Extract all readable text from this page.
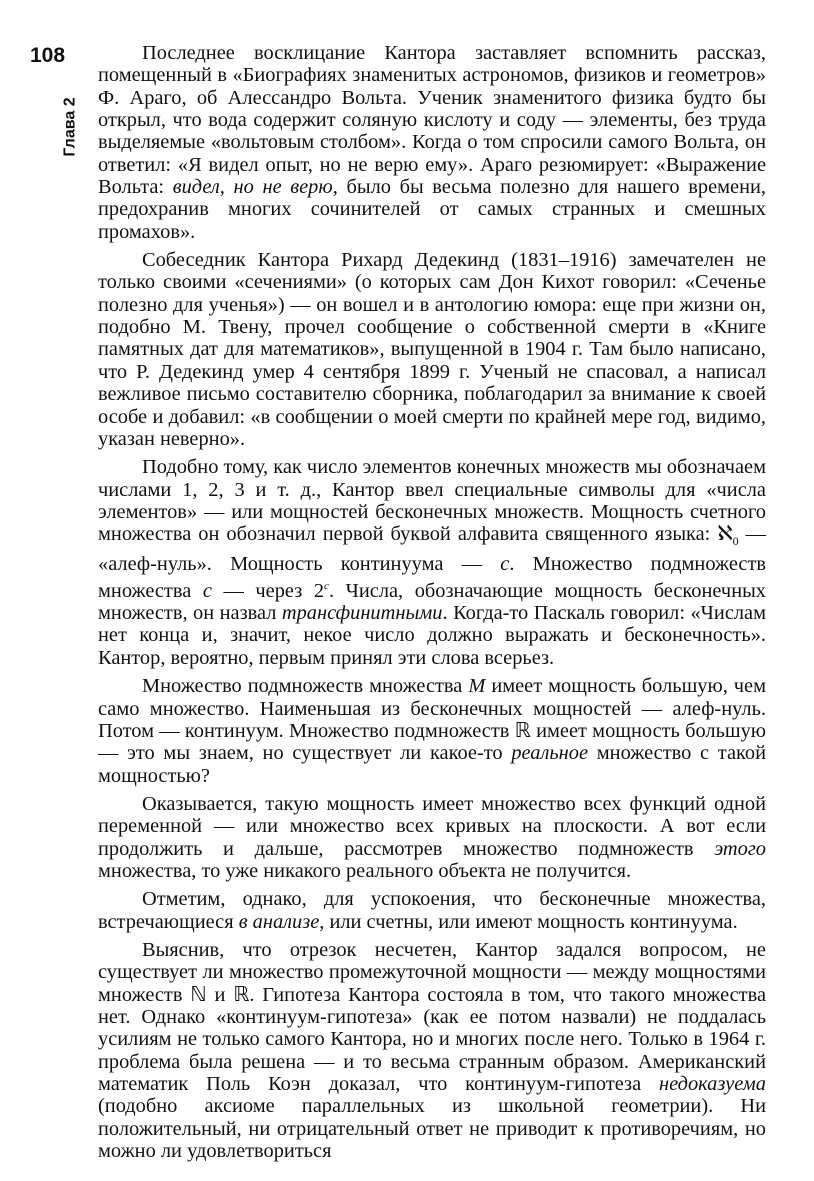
108
Глава 2

Последнее восклицание Кантора заставляет вспомнить рассказ, помещенный в «Биографиях знаменитых астрономов, физиков и геометров» Ф. Араго, об Алессандро Вольта. Ученик знаменитого физика будто бы открыл, что вода содержит соляную кислоту и соду — элементы, без труда выделяемые «вольтовым столбом». Когда о том спросили самого Вольта, он ответил: «Я видел опыт, но не верю ему». Араго резюмирует: «Выражение Вольта: видел, но не верю, было бы весьма полезно для нашего времени, предохранив многих сочинителей от самых странных и смешных промахов».

Собеседник Кантора Рихард Дедекинд (1831–1916) замечателен не только своими «сечениями» (о которых сам Дон Кихот говорил: «Сеченье полезно для ученья») — он вошел и в антологию юмора: еще при жизни он, подобно М. Твену, прочел сообщение о собственной смерти в «Книге памятных дат для математиков», выпущенной в 1904 г. Там было написано, что Р. Дедекинд умер 4 сентября 1899 г. Ученый не спасовал, а написал вежливое письмо составителю сборника, поблагодарил за внимание к своей особе и добавил: «в сообщении о моей смерти по крайней мере год, видимо, указан неверно».

Подобно тому, как число элементов конечных множеств мы обозначаем числами 1, 2, 3 и т. д., Кантор ввел специальные символы для «числа элементов» — или мощностей бесконечных множеств. Мощность счетного множества он обозначил первой буквой алфавита священного языка: ℵ$_0$ — «алеф-нуль». Мощность континуума — c. Множество подмножеств множества c — через 2$^c$. Числа, обозначающие мощность бесконечных множеств, он назвал трансфинитными. Когда-то Паскаль говорил: «Числам нет конца и, значит, некое число должно выражать и бесконечность». Кантор, вероятно, первым принял эти слова всерьез.

Множество подмножеств множества M имеет мощность большую, чем само множество. Наименьшая из бесконечных мощностей — алеф-нуль. Потом — континуум. Множество подмножеств ℝ имеет мощность большую — это мы знаем, но существует ли какое-то реальное множество с такой мощностью?

Оказывается, такую мощность имеет множество всех функций одной переменной — или множество всех кривых на плоскости. А вот если продолжить и дальше, рассмотрев множество подмножеств этого множества, то уже никакого реального объекта не получится.

Отметим, однако, для успокоения, что бесконечные множества, встречающиеся в анализе, или счетны, или имеют мощность континуума.

Выяснив, что отрезок несчетен, Кантор задался вопросом, не существует ли множество промежуточной мощности — между мощностями множеств ℕ и ℝ. Гипотеза Кантора состояла в том, что такого множества нет. Однако «континуум-гипотеза» (как ее потом назвали) не поддалась усилиям не только самого Кантора, но и многих после него. Только в 1964 г. проблема была решена — и то весьма странным образом. Американский математик Поль Коэн доказал, что континуум-гипотеза недоказуема (подобно аксиоме параллельных из школьной геометрии). Ни положительный, ни отрицательный ответ не приводит к противоречиям, но можно ли удовлетвориться
